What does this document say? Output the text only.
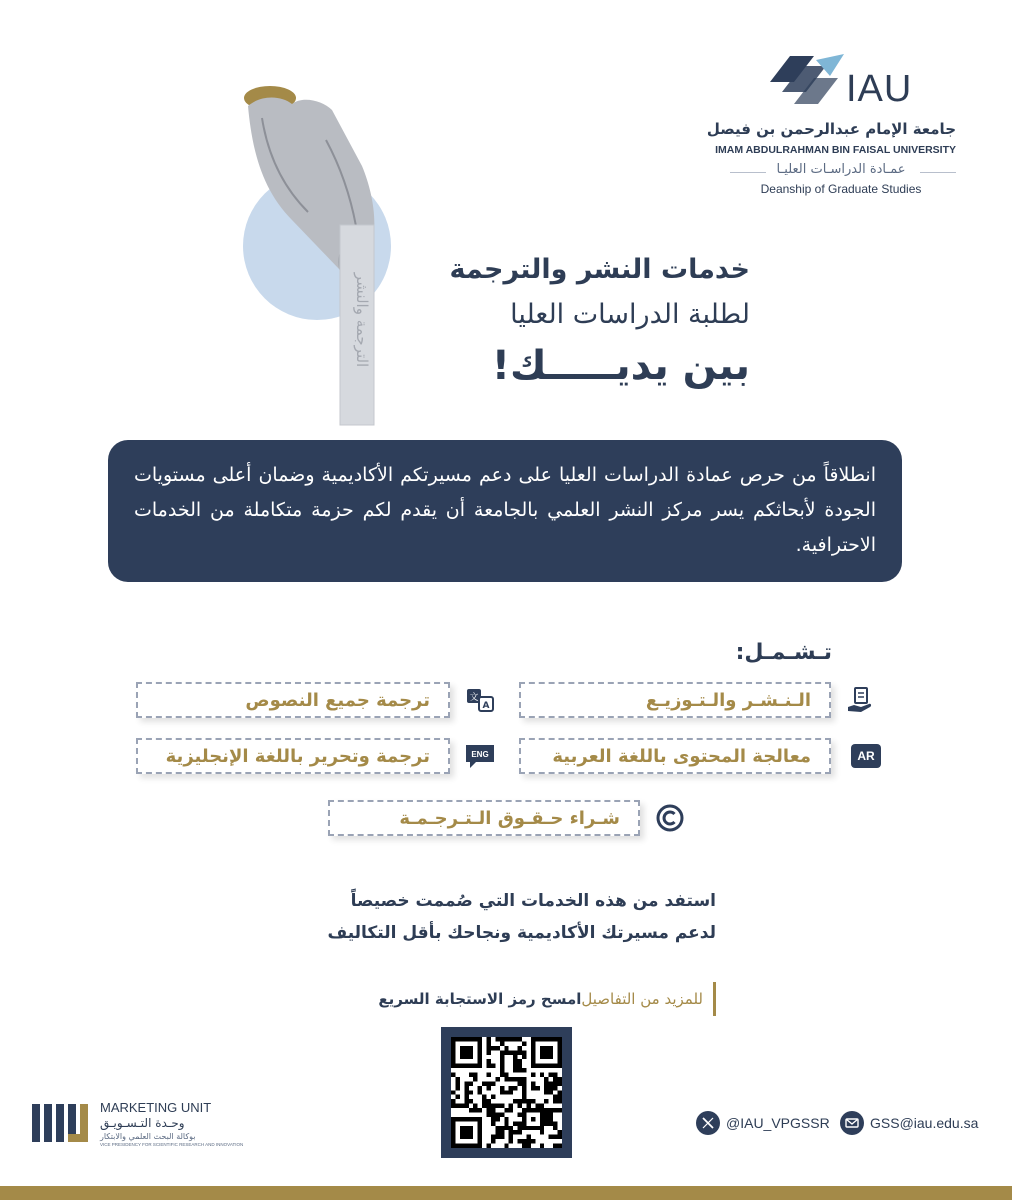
IAU
جامعة الإمام عبدالرحمن بن فيصل
IMAM ABDULRAHMAN BIN FAISAL UNIVERSITY
عمـادة الدراسـات العليـا
Deanship of Graduate Studies
الترجمة والنشر
خدمات النشر والترجمة
لطلبة الدراسات العليا
بين يديـــــك!

انطلاقاً من حرص عمادة الدراسات العليا على دعم مسيرتكم الأكاديمية وضمان أعلى مستويات الجودة لأبحاثكم يسر مركز النشر العلمي بالجامعة أن يقدم لكم حزمة متكاملة من الخدمات الاحترافية.

تـشـمـل:
الـنـشـر والـتـوزيـع
ترجمة جميع النصوص	文
A
معالجة المحتوى باللغة العربية	AR
ترجمة وتحرير باللغة الإنجليزية	ENG
شـراء حـقـوق الـتـرجـمـة
استفد من هذه الخدمات التي صُممت خصيصاً
لدعم مسيرتك الأكاديمية ونجاحك بأقل التكاليف
للمزيد من التفاصيل
امسح رمز الاستجابة السريع
@IAU_VPGSSR	GSS@iau.edu.sa
MARKETING UNIT
وحـدة التـسـويـق
بوكالة البحث العلمي والابتكار
VICE PRESIDENCY FOR SCIENTIFIC RESEARCH AND INNOVATION
